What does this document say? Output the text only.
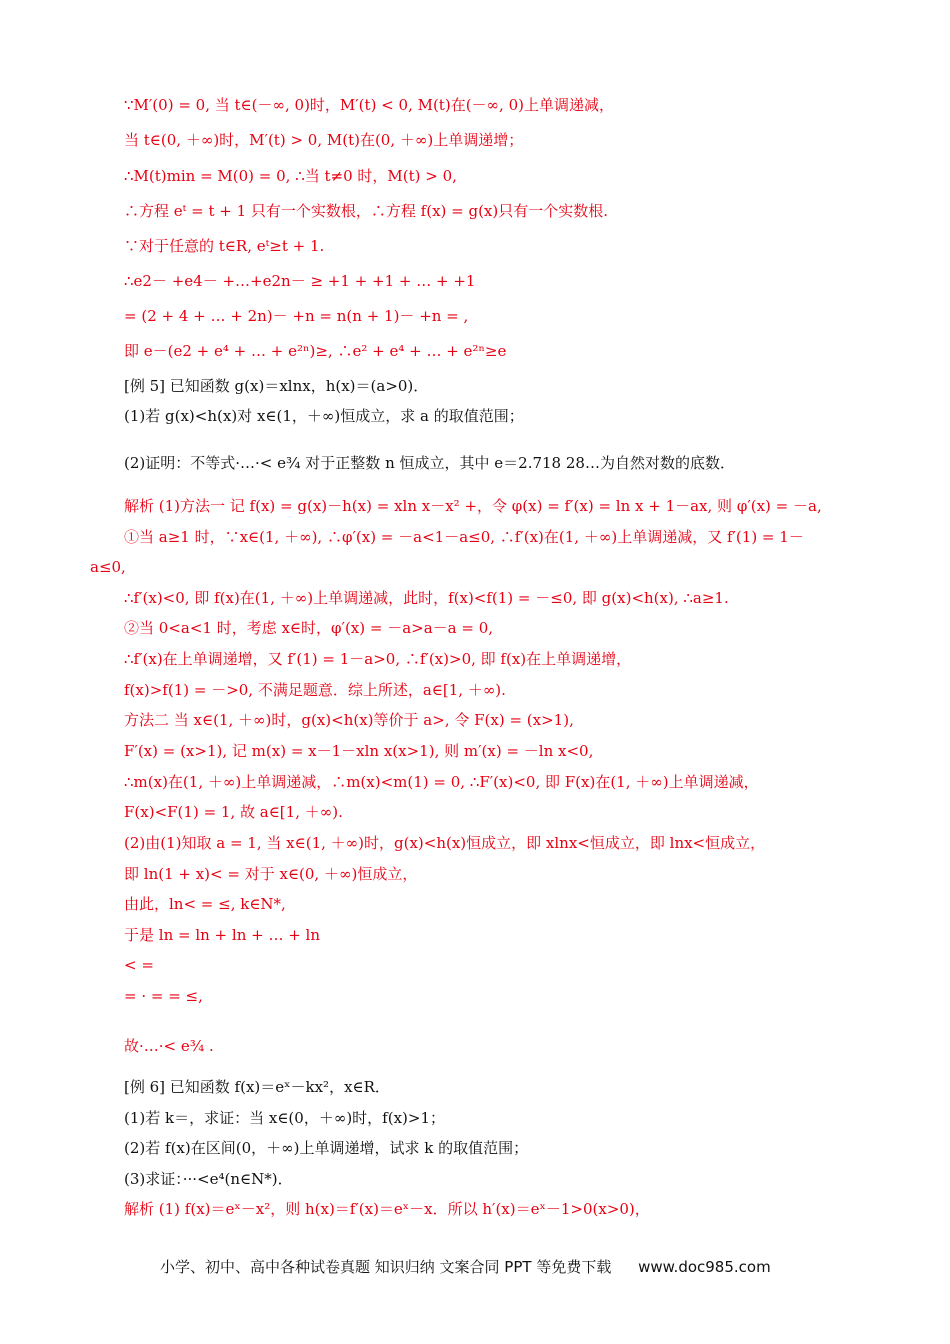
∵M′(0) = 0, 当 t∈(－∞, 0)时，M′(t) < 0, M(t)在(－∞, 0)上单调递减，
当 t∈(0, ＋∞)时，M′(t) > 0, M(t)在(0, ＋∞)上单调递增；
∴M(t)min = M(0) = 0, ∴当 t≠0 时，M(t) > 0,
∴方程 eᵗ = t + 1 只有一个实数根，∴方程 f(x) = g(x)只有一个实数根.
∵对于任意的 t∈R, eᵗ≥t + 1.
∴e2－ +e4－ +…+e2n－ ≥ +1 + +1 + … + +1
= (2 + 4 + … + 2n)－ +n = n(n + 1)－ +n = ,
即 e－(e2 + e⁴ + … + e²ⁿ)≥, ∴e² + e⁴ + … + e²ⁿ≥e
[例 5] 已知函数 g(x)＝xlnx，h(x)＝(a>0)．
(1)若 g(x)<h(x)对 x∈(1，＋∞)恒成立，求 a 的取值范围；
(2)证明：不等式·…·< e¾ 对于正整数 n 恒成立，其中 e＝2.718 28…为自然对数的底数．
解析 (1)方法一 记 f(x) = g(x)－h(x) = xln x－x² +，令 φ(x) = f′(x) = ln x + 1－ax, 则 φ′(x) = －a,
①当 a≥1 时，∵x∈(1, ＋∞), ∴φ′(x) = －a<1－a≤0, ∴f′(x)在(1, ＋∞)上单调递减，又 f′(1) = 1－
a≤0,
∴f′(x)<0, 即 f(x)在(1, ＋∞)上单调递减，此时，f(x)<f(1) = －≤0, 即 g(x)<h(x), ∴a≥1.
②当 0<a<1 时，考虑 x∈时，φ′(x) = －a>a－a = 0,
∴f′(x)在上单调递增，又 f′(1) = 1－a>0, ∴f′(x)>0, 即 f(x)在上单调递增，
f(x)>f(1) = －>0, 不满足题意．综上所述，a∈[1, ＋∞).
方法二 当 x∈(1, ＋∞)时，g(x)<h(x)等价于 a>, 令 F(x) = (x>1),
F′(x) = (x>1), 记 m(x) = x－1－xln x(x>1), 则 m′(x) = －ln x<0,
∴m(x)在(1, ＋∞)上单调递减，∴m(x)<m(1) = 0, ∴F′(x)<0, 即 F(x)在(1, ＋∞)上单调递减，
F(x)<F(1) = 1, 故 a∈[1, ＋∞).
(2)由(1)知取 a = 1, 当 x∈(1, ＋∞)时，g(x)<h(x)恒成立，即 xlnx<恒成立，即 lnx<恒成立，
即 ln(1 + x)< = 对于 x∈(0, ＋∞)恒成立，
由此，ln< = ≤, k∈N*,
于是 ln = ln + ln + … + ln
< =
= · = = ≤,
故·…·< e¾ .
[例 6] 已知函数 f(x)＝eˣ－kx²，x∈R．
(1)若 k＝，求证：当 x∈(0，＋∞)时，f(x)>1；
(2)若 f(x)在区间(0，＋∞)上单调递增，试求 k 的取值范围；
(3)求证：···<e⁴(n∈N*)．
解析 (1) f(x)＝eˣ－x²，则 h(x)＝f′(x)＝eˣ－x．所以 h′(x)＝eˣ－1>0(x>0)，
小学、初中、高中各种试卷真题 知识归纳 文案合同 PPT 等免费下载 www.doc985.com
